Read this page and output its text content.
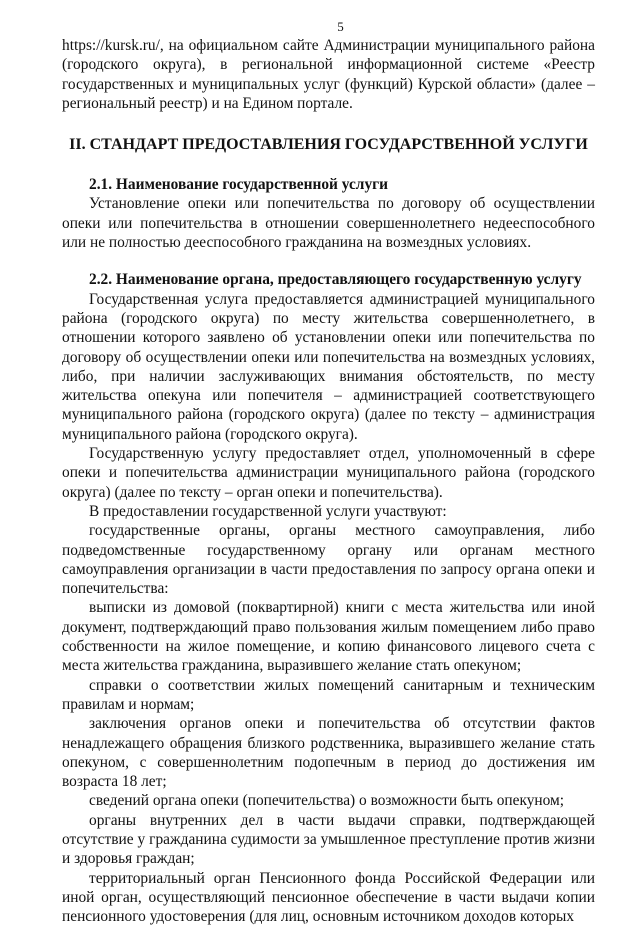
5

https://kursk.ru/, на официальном сайте Администрации муниципального района (городского округа), в региональной информационной системе «Реестр государственных и муниципальных услуг (функций) Курской области» (далее – региональный реестр) и на Едином портале.

II. СТАНДАРТ ПРЕДОСТАВЛЕНИЯ ГОСУДАРСТВЕННОЙ УСЛУГИ

2.1. Наименование государственной услуги

Установление опеки или попечительства по договору об осуществлении опеки или попечительства в отношении совершеннолетнего недееспособного или не полностью дееспособного гражданина на возмездных условиях.

2.2. Наименование органа, предоставляющего государственную услугу

Государственная услуга предоставляется администрацией муниципального района (городского округа) по месту жительства совершеннолетнего, в отношении которого заявлено об установлении опеки или попечительства по договору об осуществлении опеки или попечительства на возмездных условиях, либо, при наличии заслуживающих внимания обстоятельств, по месту жительства опекуна или попечителя – администрацией соответствующего муниципального района (городского округа) (далее по тексту – администрация муниципального района (городского округа).

Государственную услугу предоставляет отдел, уполномоченный в сфере опеки и попечительства администрации муниципального района (городского округа) (далее по тексту – орган опеки и попечительства).

В предоставлении государственной услуги участвуют:

государственные органы, органы местного самоуправления, либо подведомственные государственному органу или органам местного самоуправления организации в части предоставления по запросу органа опеки и попечительства:

выписки из домовой (поквартирной) книги с места жительства или иной документ, подтверждающий право пользования жилым помещением либо право собственности на жилое помещение, и копию финансового лицевого счета с места жительства гражданина, выразившего желание стать опекуном;

справки о соответствии жилых помещений санитарным и техническим правилам и нормам;

заключения органов опеки и попечительства об отсутствии фактов ненадлежащего обращения близкого родственника, выразившего желание стать опекуном, с совершеннолетним подопечным в период до достижения им возраста 18 лет;

сведений органа опеки (попечительства) о возможности быть опекуном;

органы внутренних дел в части выдачи справки, подтверждающей отсутствие у гражданина судимости за умышленное преступление против жизни и здоровья граждан;

территориальный орган Пенсионного фонда Российской Федерации или иной орган, осуществляющий пенсионное обеспечение в части выдачи копии пенсионного удостоверения (для лиц, основным источником доходов которых
